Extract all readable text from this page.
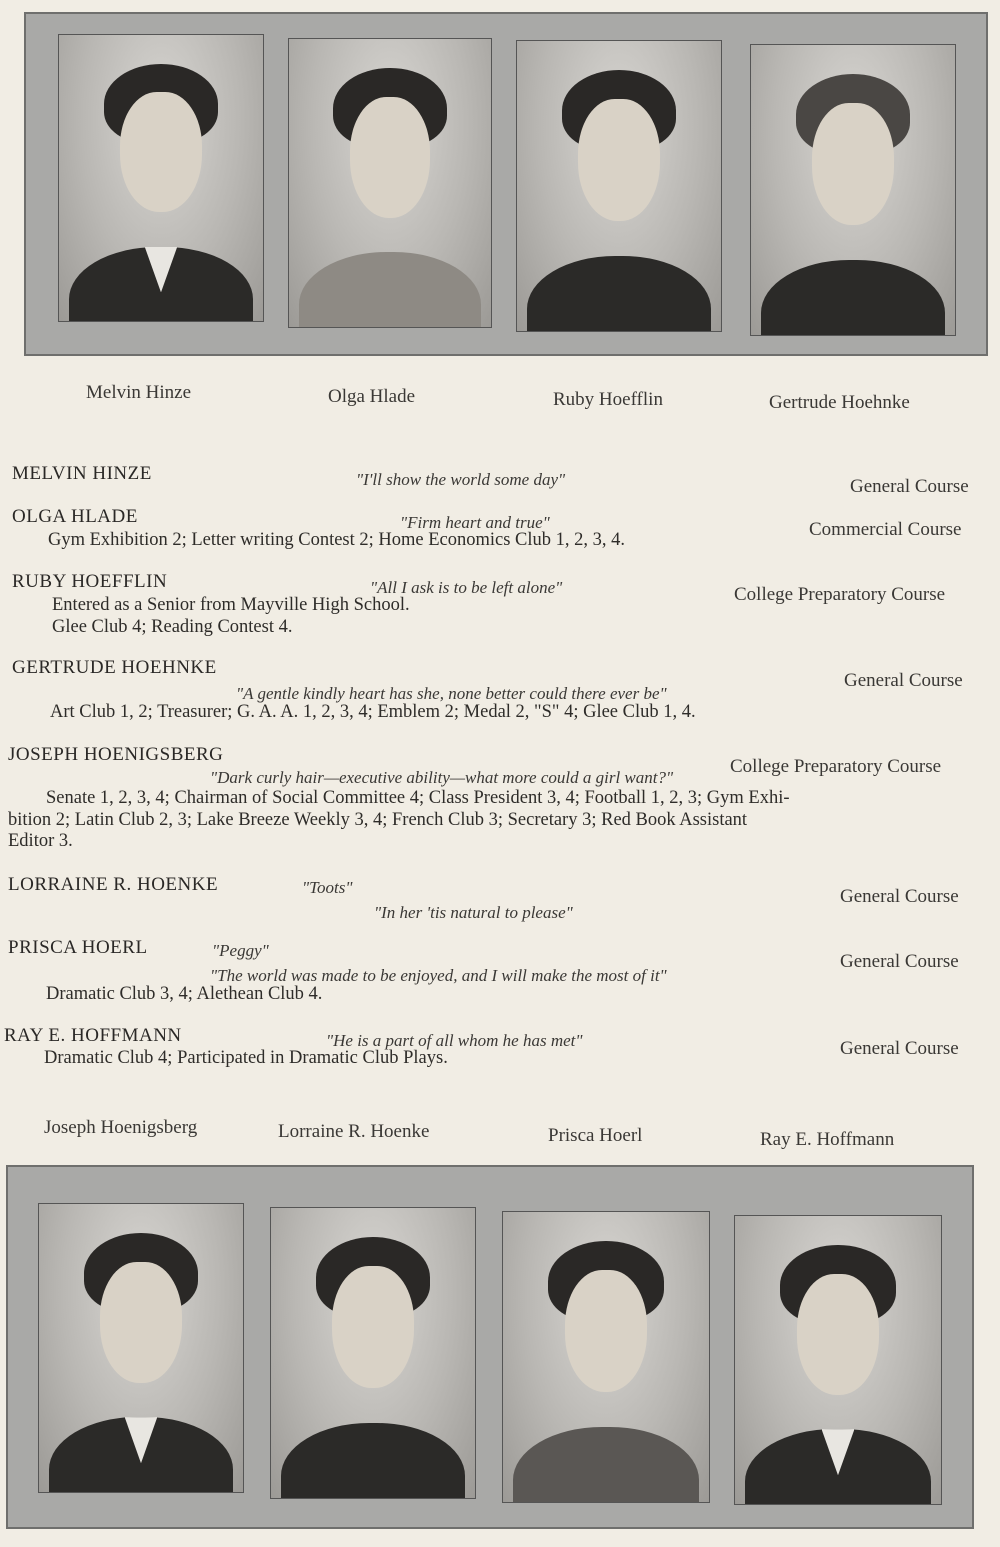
Melvin Hinze	Olga Hlade	Ruby Hoefflin	Gertrude Hoehnke
MELVIN HINZE	"I'll show the world some day"	General Course
OLGA HLADE	"Firm heart and true"	Commercial Course
Gym Exhibition 2; Letter writing Contest 2; Home Economics Club 1, 2, 3, 4.
RUBY HOEFFLIN	"All I ask is to be left alone"	College Preparatory Course
Entered as a Senior from Mayville High School.
Glee Club 4; Reading Contest 4.
GERTRUDE HOEHNKE
"A gentle kindly heart has she, none better could there ever be"
General Course
Art Club 1, 2; Treasurer; G. A. A. 1, 2, 3, 4; Emblem 2; Medal 2, "S" 4; Glee Club 1, 4.
JOSEPH HOENIGSBERG
"Dark curly hair—executive ability—what more could a girl want?"
College Preparatory Course
Senate 1, 2, 3, 4; Chairman of Social Committee 4; Class President 3, 4; Football 1, 2, 3; Gym Exhi-
bition 2; Latin Club 2, 3; Lake Breeze Weekly 3, 4; French Club 3; Secretary 3; Red Book Assistant
Editor 3.
LORRAINE R. HOENKE	"Toots"
"In her 'tis natural to please"
General Course
PRISCA HOERL	"Peggy"
"The world was made to be enjoyed, and I will make the most of it"
General Course
Dramatic Club 3, 4; Alethean Club 4.
RAY E. HOFFMANN	"He is a part of all whom he has met"	General Course
Dramatic Club 4; Participated in Dramatic Club Plays.
Joseph Hoenigsberg	Lorraine R. Hoenke	Prisca Hoerl	Ray E. Hoffmann
